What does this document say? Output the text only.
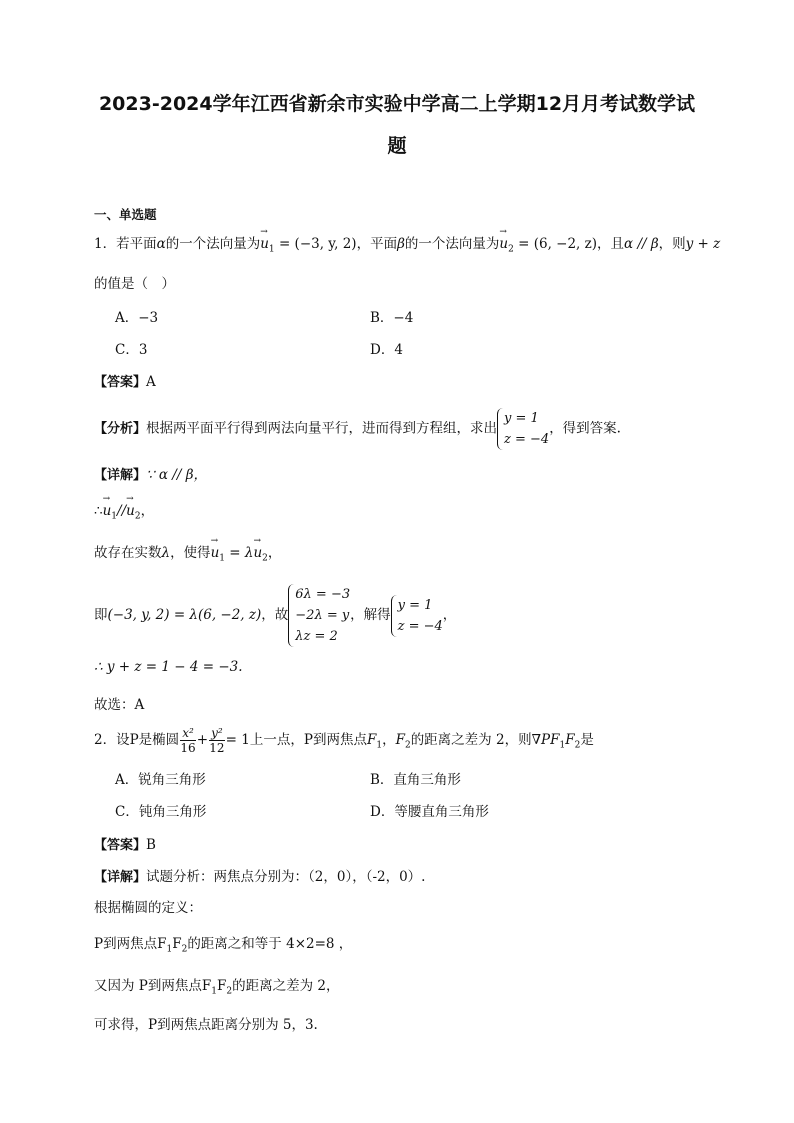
2023-2024学年江西省新余市实验中学高二上学期12月月考试数学试
题
一、单选题
1．若平面α的一个法向量为→ $u_1 = (-3$, y, 2)，平面β的一个法向量为→ $u_2 = (6$, −2, z)，且α // β，则y + z
的值是（　）
A．−3	B．−4
C．3	D．4
【答案】A
【分析】根据两平面平行得到两法向量平行，进而得到方程组，求出y = 1
z = −4，得到答案.
【详解】∵ α // β，
∴→ $u_1//\to u_2$，
故存在实数λ，使得→ $u_1 = \lambda\to u_2$，
即(−3, y, 2) = λ(6, −2, z)，故6λ = −3
−2λ = y
λz = 2，解得y = 1
z = −4，
∴ y + z = 1 − 4 = −3.
故选：A
2．设P是椭圆 $\frac{\text{x²}}{16} + \frac{\text{y²}}{12} = 1$上一点，P到两焦点$F_1$，$F_2$的距离之差为 2，则$\nabla PF_1F_2$是
A．锐角三角形	B．直角三角形
C．钝角三角形	D．等腰直角三角形
【答案】B
【详解】试题分析：两焦点分别为：（2，0），（-2，0）.
根据椭圆的定义：
P到两焦点$F_1F_2$的距离之和等于 4×2=8 ，
又因为 P到两焦点$F_1F_2$的距离之差为 2，
可求得，P到两焦点距离分别为 5，3.
